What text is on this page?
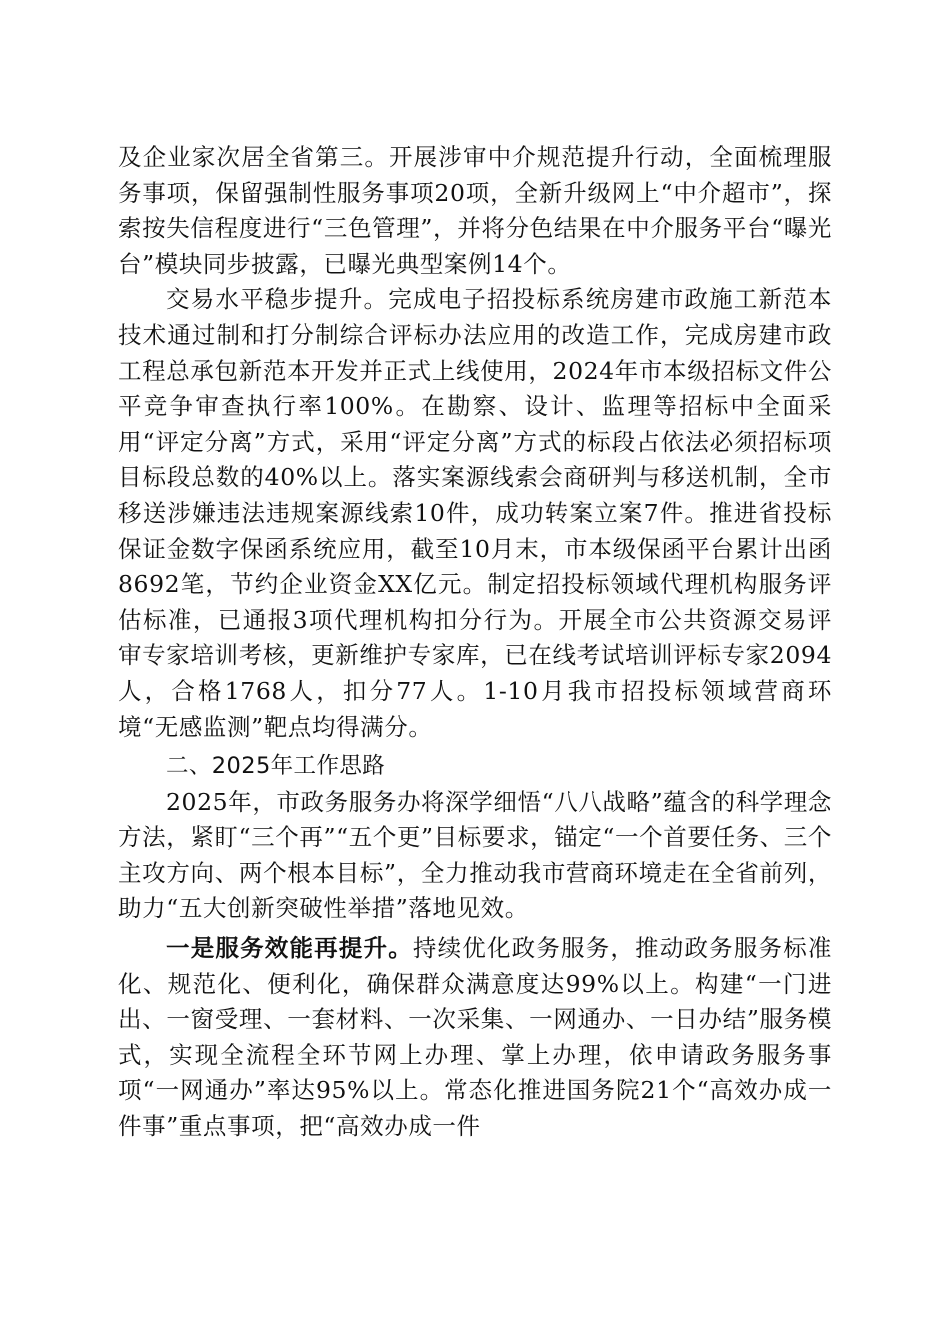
及企业家次居全省第三。开展涉审中介规范提升行动，全面梳理服务事项，保留强制性服务事项20项，全新升级网上“中介超市”，探索按失信程度进行“三色管理”，并将分色结果在中介服务平台“曝光台”模块同步披露，已曝光典型案例14个。

交易水平稳步提升。完成电子招投标系统房建市政施工新范本技术通过制和打分制综合评标办法应用的改造工作，完成房建市政工程总承包新范本开发并正式上线使用，2024年市本级招标文件公平竞争审查执行率100%。在勘察、设计、监理等招标中全面采用“评定分离”方式，采用“评定分离”方式的标段占依法必须招标项目标段总数的40%以上。落实案源线索会商研判与移送机制，全市移送涉嫌违法违规案源线索10件，成功转案立案7件。推进省投标保证金数字保函系统应用，截至10月末，市本级保函平台累计出函8692笔，节约企业资金XX亿元。制定招投标领域代理机构服务评估标准，已通报3项代理机构扣分行为。开展全市公共资源交易评审专家培训考核，更新维护专家库，已在线考试培训评标专家2094人，合格1768人，扣分77人。1-10月我市招投标领域营商环境“无感监测”靶点均得满分。

二、2025年工作思路

2025年，市政务服务办将深学细悟“八八战略”蕴含的科学理念方法，紧盯“三个再”“五个更”目标要求，锚定“一个首要任务、三个主攻方向、两个根本目标”，全力推动我市营商环境走在全省前列，助力“五大创新突破性举措”落地见效。

一是服务效能再提升。持续优化政务服务，推动政务服务标准化、规范化、便利化，确保群众满意度达99%以上。构建“一门进出、一窗受理、一套材料、一次采集、一网通办、一日办结”服务模式，实现全流程全环节网上办理、掌上办理，依申请政务服务事项“一网通办”率达95%以上。常态化推进国务院21个“高效办成一件事”重点事项，把“高效办成一件
